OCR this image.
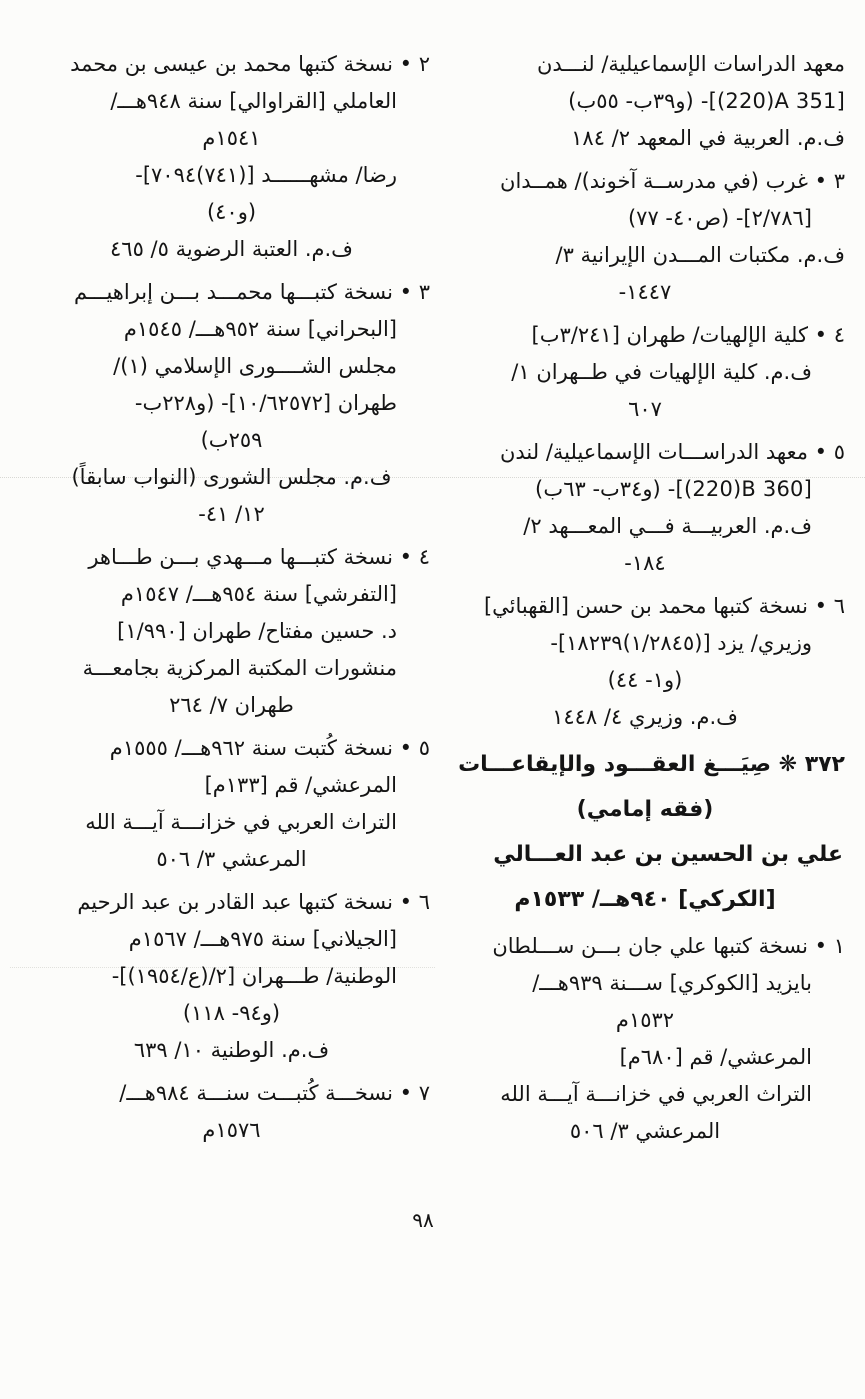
معهد الدراسات الإسماعيلية/ لنـــدن
[⁦(220)A 351⁩]- (و٣٩ب- ٥٥ب)
ف.م. العربية في المعهد ٢/ ١٨٤
٣ • غرب (في مدرســة آخوند)/ همــدان
[٢/٧٨٦]- (ص٤٠- ٧٧)
ف.م. مكتبات المـــدن الإيرانية ٣/
١٤٤٧-
٤ • كلية الإلهيات/ طهران [٣/٢٤١ب]
ف.م. كلية الإلهيات في طــهران ١/
٦٠٧
٥ • معهد الدراســـات الإسماعيلية/ لندن
[⁦(220)B 360⁩]- (و٣٤ب- ٦٣ب)
ف.م. العربيـــة فـــي المعـــهد ٢/
١٨٤-
٦ • نسخة كتبها محمد بن حسن [القهبائي]
وزيري/ يزد [(١/٢٨٤٥)١٨٢٣٩]-
(و١- ٤٤)
ف.م. وزيري ٤/ ١٤٤٨
٣٧٢ ❋ صِيَـــغ العقـــود والإيقاعـــات
(فقه إمامي)
علي بن الحسين بن عبد العـــالي
[الكركي] ٩٤٠هــ/ ١٥٣٣م
١ • نسخة كتبها علي جان بـــن ســـلطان
بايزيد [الكوكري] ســـنة ٩٣٩هـــ/
١٥٣٢م
المرعشي/ قم [٦٨٠م]
التراث العربي في خزانـــة آيـــة الله
المرعشي ٣/ ٥٠٦
٢ • نسخة كتبها محمد بن عيسى بن محمد
العاملي [القراوالي] سنة ٩٤٨هـــ/
١٥٤١م
رضا/ مشهــــــد [(٧٤١)٧٠٩٤]-
(و٤٠)
ف.م. العتبة الرضوية ٥/ ٤٦٥
٣ • نسخة كتبـــها محمـــد بـــن إبراهيـــم
[البحراني] سنة ٩٥٢هـــ/ ١٥٤٥م
مجلس الشــــورى الإسلامي (١)/
طهران [١٠/٦٢٥٧٢]- (و٢٢٨ب-
٢٥٩ب)
ف.م. مجلس الشورى (النواب سابقاً)
١٢/ ٤١-
٤ • نسخة كتبـــها مـــهدي بـــن طـــاهر
[التفرشي] سنة ٩٥٤هـــ/ ١٥٤٧م
د. حسين مفتاح/ طهران [١/٩٩٠]
منشورات المكتبة المركزية بجامعـــة
طهران ٧/ ٢٦٤
٥ • نسخة كُتبت سنة ٩٦٢هـــ/ ١٥٥٥م
المرعشي/ قم [١٣٣م]
التراث العربي في خزانـــة آيـــة الله
المرعشي ٣/ ٥٠٦
٦ • نسخة كتبها عبد القادر بن عبد الرحيم
[الجيلاني] سنة ٩٧٥هـــ/ ١٥٦٧م
الوطنية/ طـــهران [٢/(ع/١٩٥٤)]-
(و٩٤- ١١٨)
ف.م. الوطنية ١٠/ ٦٣٩
٧ • نسخـــة كُتبـــت سنـــة ٩٨٤هـــ/
١٥٧٦م
٩٨
